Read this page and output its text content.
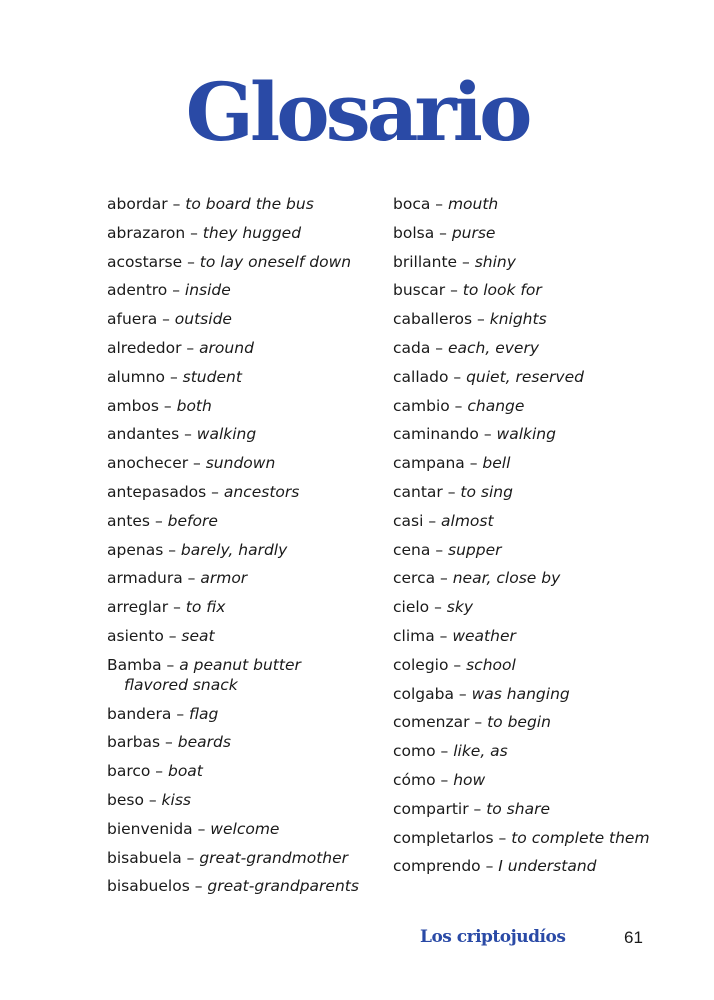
Glosario
abordar – to board the bus
abrazaron – they hugged
acostarse – to lay oneself down
adentro – inside
afuera – outside
alrededor – around
alumno – student
ambos – both
andantes – walking
anochecer – sundown
antepasados – ancestors
antes – before
apenas – barely, hardly
armadura – armor
arreglar – to fix
asiento – seat
Bamba – a peanut butter
flavored snack
bandera – flag
barbas – beards
barco – boat
beso – kiss
bienvenida – welcome
bisabuela – great-grandmother
bisabuelos – great-grandparents
boca – mouth
bolsa – purse
brillante – shiny
buscar – to look for
caballeros – knights
cada – each, every
callado – quiet, reserved
cambio – change
caminando – walking
campana – bell
cantar – to sing
casi – almost
cena – supper
cerca – near, close by
cielo – sky
clima – weather
colegio – school
colgaba – was hanging
comenzar – to begin
como – like, as
cómo – how
compartir – to share
completarlos – to complete them
comprendo – I understand
Los criptojudíos	61
